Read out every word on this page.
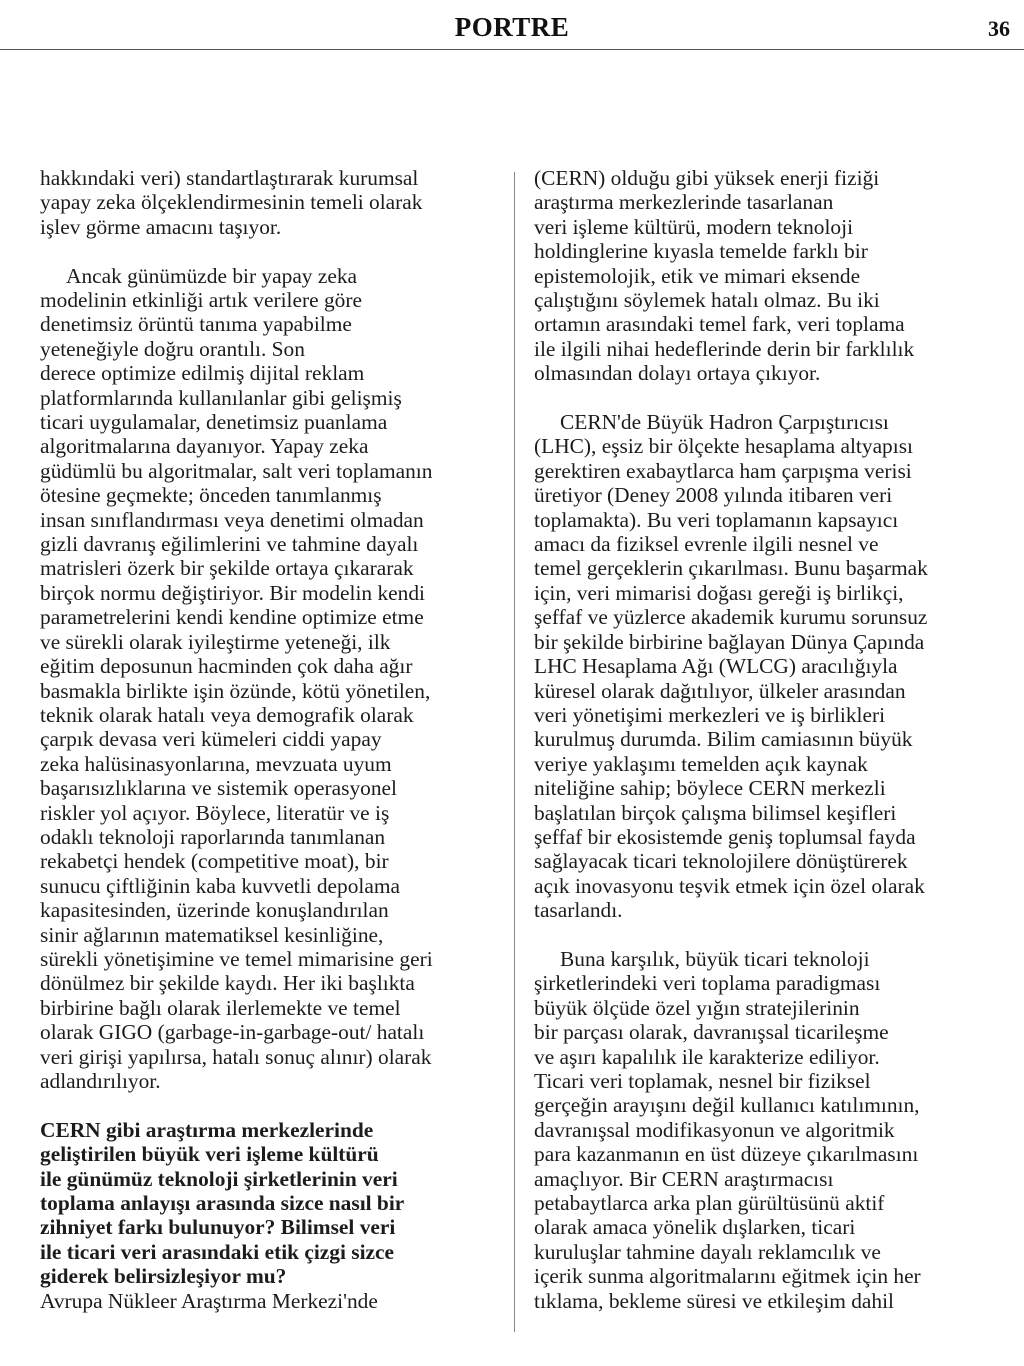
PORTRE	36

hakkındaki veri) standartlaştırarak kurumsal
yapay zeka ölçeklendirmesinin temeli olarak
işlev görme amacını taşıyor.

Ancak günümüzde bir yapay zeka
modelinin etkinliği artık verilere göre
denetimsiz örüntü tanıma yapabilme
yeteneğiyle doğru orantılı. Son
derece optimize edilmiş dijital reklam
platformlarında kullanılanlar gibi gelişmiş
ticari uygulamalar, denetimsiz puanlama
algoritmalarına dayanıyor. Yapay zeka
güdümlü bu algoritmalar, salt veri toplamanın
ötesine geçmekte; önceden tanımlanmış
insan sınıflandırması veya denetimi olmadan
gizli davranış eğilimlerini ve tahmine dayalı
matrisleri özerk bir şekilde ortaya çıkararak
birçok normu değiştiriyor. Bir modelin kendi
parametrelerini kendi kendine optimize etme
ve sürekli olarak iyileştirme yeteneği, ilk
eğitim deposunun hacminden çok daha ağır
basmakla birlikte işin özünde, kötü yönetilen,
teknik olarak hatalı veya demografik olarak
çarpık devasa veri kümeleri ciddi yapay
zeka halüsinasyonlarına, mevzuata uyum
başarısızlıklarına ve sistemik operasyonel
riskler yol açıyor. Böylece, literatür ve iş
odaklı teknoloji raporlarında tanımlanan
rekabetçi hendek (competitive moat), bir
sunucu çiftliğinin kaba kuvvetli depolama
kapasitesinden, üzerinde konuşlandırılan
sinir ağlarının matematiksel kesinliğine,
sürekli yönetişimine ve temel mimarisine geri
dönülmez bir şekilde kaydı. Her iki başlıkta
birbirine bağlı olarak ilerlemekte ve temel
olarak GIGO (garbage-in-garbage-out/ hatalı
veri girişi yapılırsa, hatalı sonuç alınır) olarak
adlandırılıyor.

CERN gibi araştırma merkezlerinde
geliştirilen büyük veri işleme kültürü
ile günümüz teknoloji şirketlerinin veri
toplama anlayışı arasında sizce nasıl bir
zihniyet farkı bulunuyor? Bilimsel veri
ile ticari veri arasındaki etik çizgi sizce
giderek belirsizleşiyor mu?

Avrupa Nükleer Araştırma Merkezi'nde

(CERN) olduğu gibi yüksek enerji fiziği
araştırma merkezlerinde tasarlanan
veri işleme kültürü, modern teknoloji
holdinglerine kıyasla temelde farklı bir
epistemolojik, etik ve mimari eksende
çalıştığını söylemek hatalı olmaz. Bu iki
ortamın arasındaki temel fark, veri toplama
ile ilgili nihai hedeflerinde derin bir farklılık
olmasından dolayı ortaya çıkıyor.

CERN'de Büyük Hadron Çarpıştırıcısı
(LHC), eşsiz bir ölçekte hesaplama altyapısı
gerektiren exabaytlarca ham çarpışma verisi
üretiyor (Deney 2008 yılında itibaren veri
toplamakta). Bu veri toplamanın kapsayıcı
amacı da fiziksel evrenle ilgili nesnel ve
temel gerçeklerin çıkarılması. Bunu başarmak
için, veri mimarisi doğası gereği iş birlikçi,
şeffaf ve yüzlerce akademik kurumu sorunsuz
bir şekilde birbirine bağlayan Dünya Çapında
LHC Hesaplama Ağı (WLCG) aracılığıyla
küresel olarak dağıtılıyor, ülkeler arasından
veri yönetişimi merkezleri ve iş birlikleri
kurulmuş durumda. Bilim camiasının büyük
veriye yaklaşımı temelden açık kaynak
niteliğine sahip; böylece CERN merkezli
başlatılan birçok çalışma bilimsel keşifleri
şeffaf bir ekosistemde geniş toplumsal fayda
sağlayacak ticari teknolojilere dönüştürerek
açık inovasyonu teşvik etmek için özel olarak
tasarlandı.

Buna karşılık, büyük ticari teknoloji
şirketlerindeki veri toplama paradigması
büyük ölçüde özel yığın stratejilerinin
bir parçası olarak, davranışsal ticarileşme
ve aşırı kapalılık ile karakterize ediliyor.
Ticari veri toplamak, nesnel bir fiziksel
gerçeğin arayışını değil kullanıcı katılımının,
davranışsal modifikasyonun ve algoritmik
para kazanmanın en üst düzeye çıkarılmasını
amaçlıyor. Bir CERN araştırmacısı
petabaytlarca arka plan gürültüsünü aktif
olarak amaca yönelik dışlarken, ticari
kuruluşlar tahmine dayalı reklamcılık ve
içerik sunma algoritmalarını eğitmek için her
tıklama, bekleme süresi ve etkileşim dahil
